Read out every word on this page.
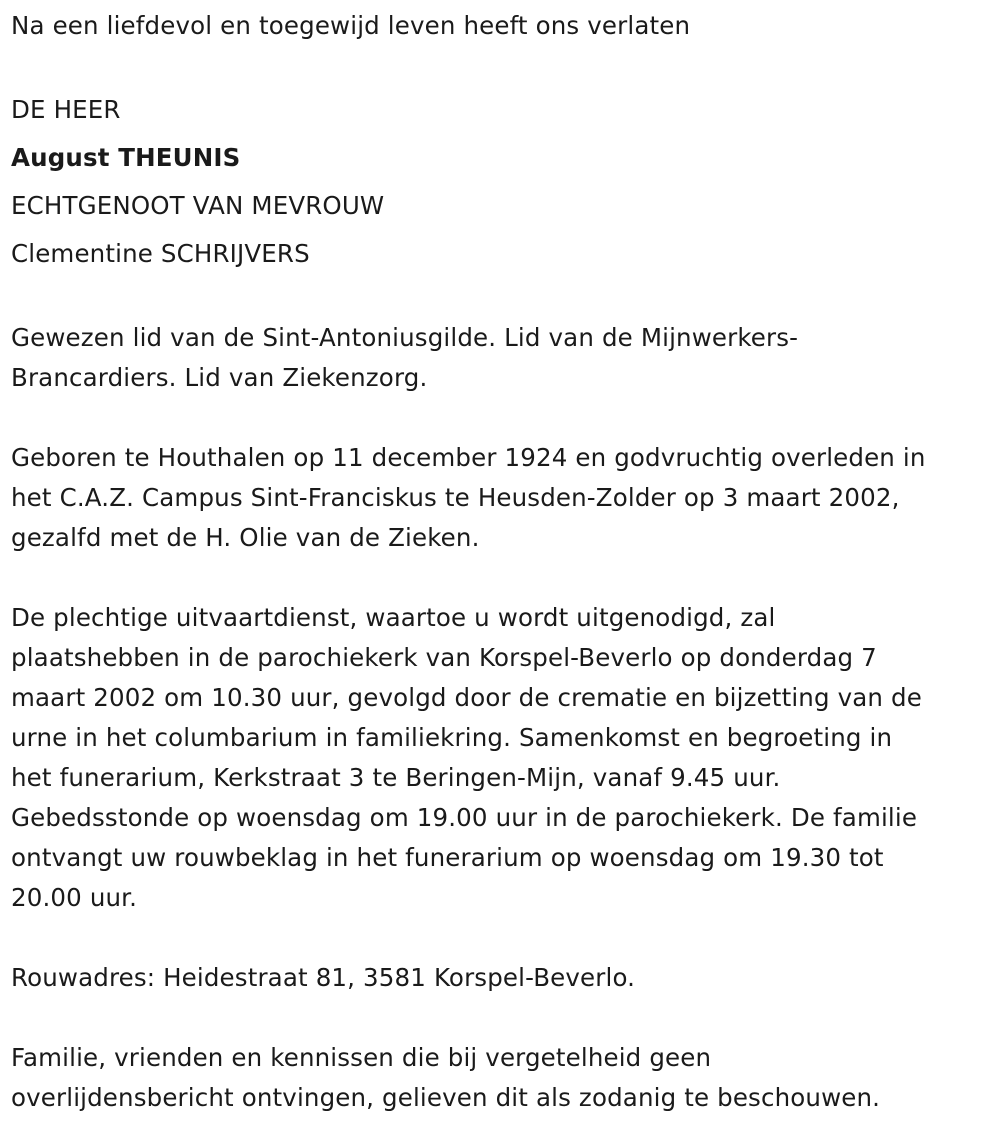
Na een liefdevol en toegewijd leven heeft ons verlaten
DE HEER
August THEUNIS
ECHTGENOOT VAN MEVROUW
Clementine SCHRIJVERS
Gewezen lid van de Sint-Antoniusgilde. Lid van de Mijnwerkers-
Brancardiers. Lid van Ziekenzorg.
Geboren te Houthalen op 11 december 1924 en godvruchtig overleden in
het C.A.Z. Campus Sint-Franciskus te Heusden-Zolder op 3 maart 2002,
gezalfd met de H. Olie van de Zieken.
De plechtige uitvaartdienst, waartoe u wordt uitgenodigd, zal
plaatshebben in de parochiekerk van Korspel-Beverlo op donderdag 7
maart 2002 om 10.30 uur, gevolgd door de crematie en bijzetting van de
urne in het columbarium in familiekring. Samenkomst en begroeting in
het funerarium, Kerkstraat 3 te Beringen-Mijn, vanaf 9.45 uur.
Gebedsstonde op woensdag om 19.00 uur in de parochiekerk. De familie
ontvangt uw rouwbeklag in het funerarium op woensdag om 19.30 tot
20.00 uur.
Rouwadres: Heidestraat 81, 3581 Korspel-Beverlo.
Familie, vrienden en kennissen die bij vergetelheid geen
overlijdensbericht ontvingen, gelieven dit als zodanig te beschouwen.
